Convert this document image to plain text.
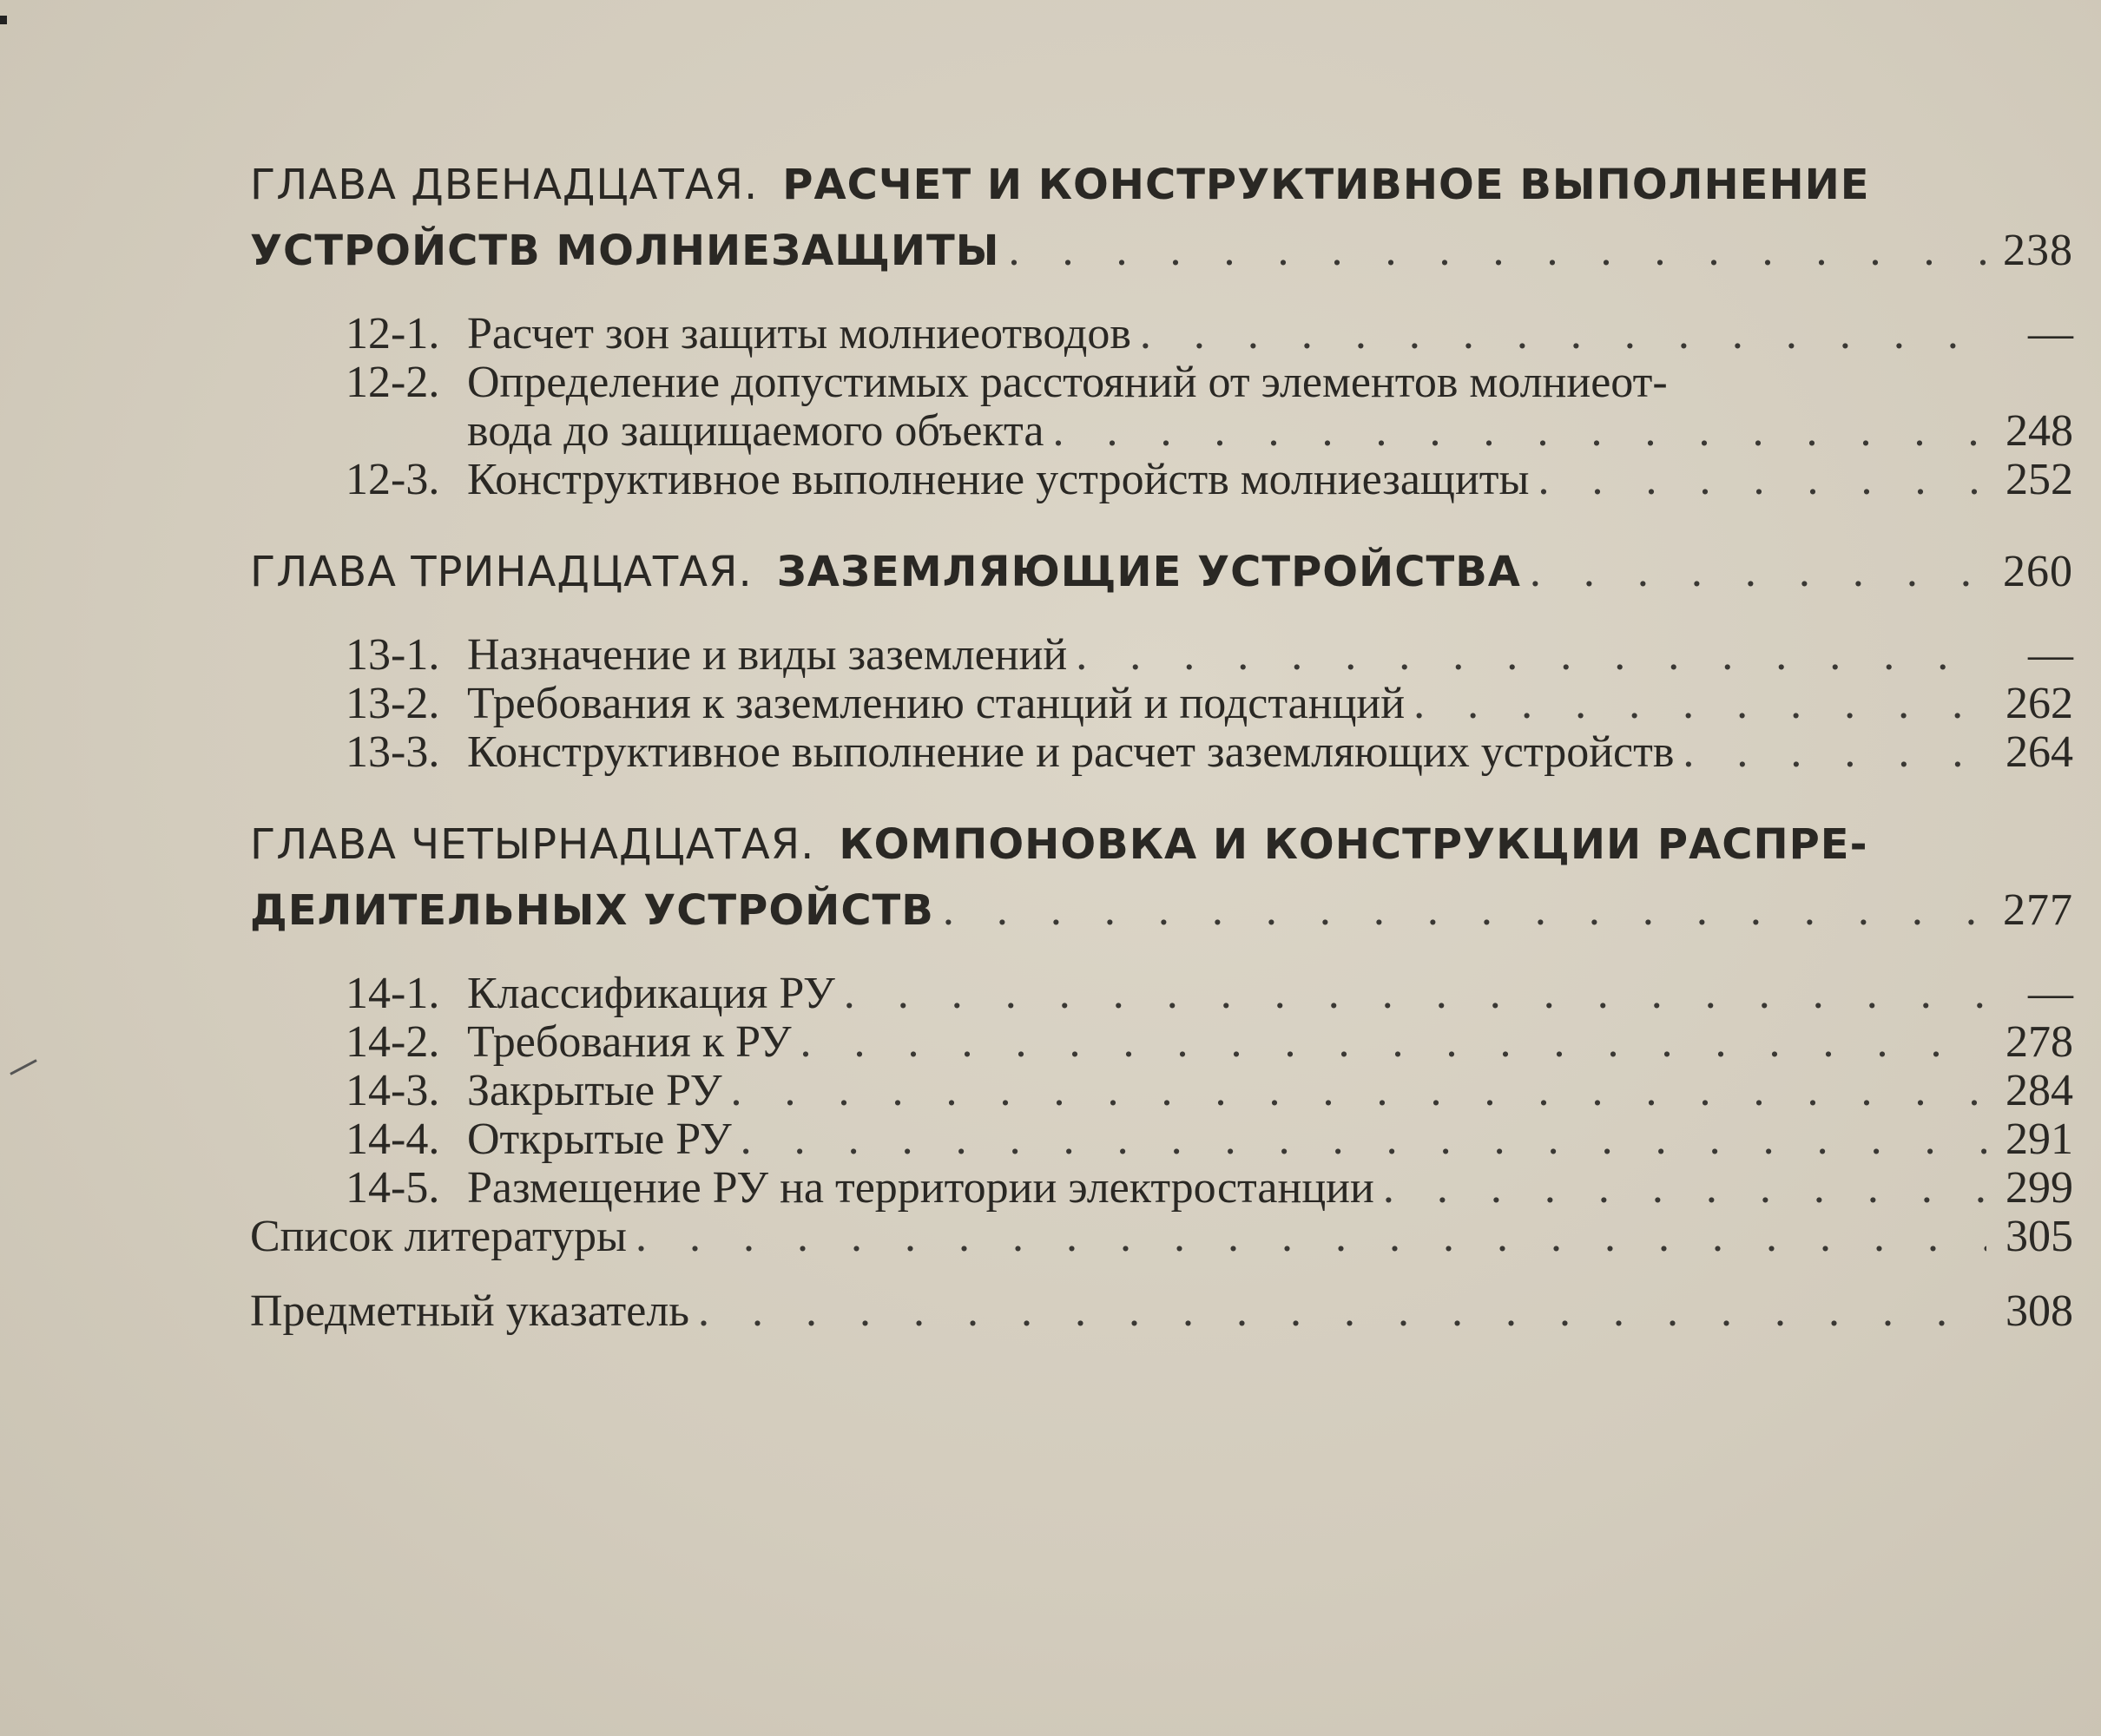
ГЛАВА ДВЕНАДЦАТАЯ. РАСЧЕТ И КОНСТРУКТИВНОЕ ВЫПОЛНЕНИЕ
УСТРОЙСТВ МОЛНИЕЗАЩИТЫ . . .	238
12-1. Расчет зон защиты молниеотводов . . .	—
12-2. Определение допустимых расстояний от элементов молниеот-
вода до защищаемого объекта . . .	248
12-3. Конструктивное выполнение устройств молниезащиты . . .	252
ГЛАВА ТРИНАДЦАТАЯ. ЗАЗЕМЛЯЮЩИЕ УСТРОЙСТВА . . .	260
13-1. Назначение и виды заземлений . . .	—
13-2. Требования к заземлению станций и подстанций . . .	262
13-3. Конструктивное выполнение и расчет заземляющих устройств . . .	264
ГЛАВА ЧЕТЫРНАДЦАТАЯ. КОМПОНОВКА И КОНСТРУКЦИИ РАСПРЕ-
ДЕЛИТЕЛЬНЫХ УСТРОЙСТВ . . .	277
14-1. Классификация РУ . . .	—
14-2. Требования к РУ . . .	278
14-3. Закрытые РУ . . .	284
14-4. Открытые РУ . . .	291
14-5. Размещение РУ на территории электростанции . . .	299
Список литературы . . .	305
Предметный указатель . . .	308
